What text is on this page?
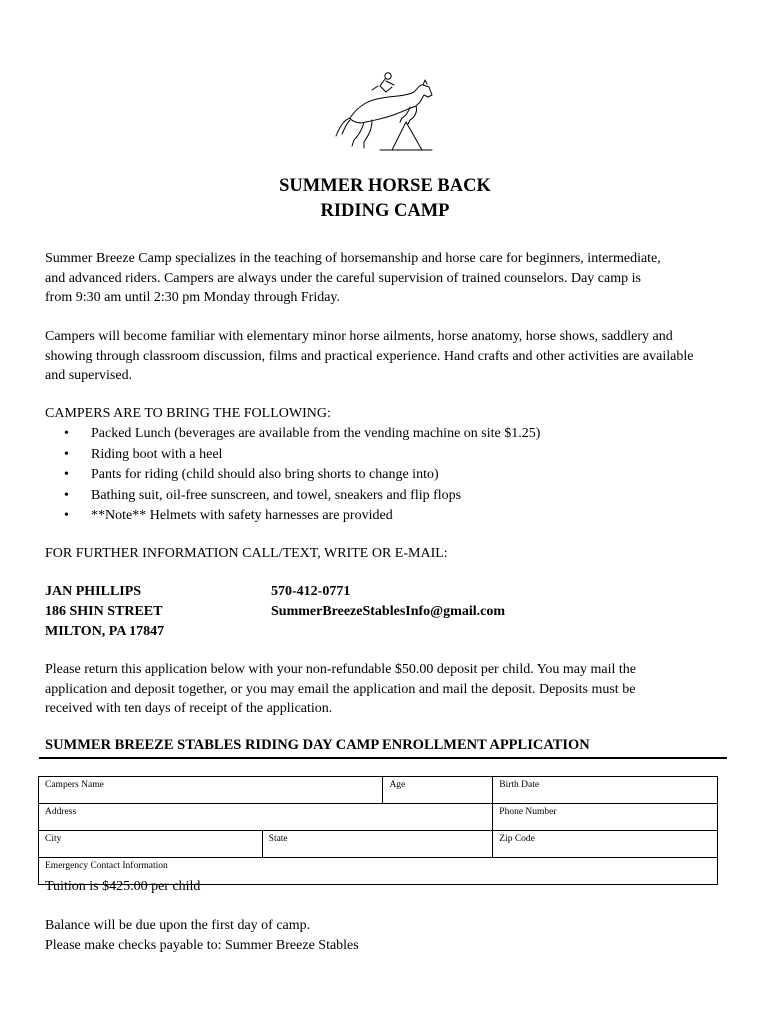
SUMMER HORSE BACK
RIDING CAMP
Summer Breeze Camp specializes in the teaching of horsemanship and horse care for beginners, intermediate,
and advanced riders. Campers are always under the careful supervision of trained counselors. Day camp is
from 9:30 am until 2:30 pm Monday through Friday.
Campers will become familiar with elementary minor horse ailments, horse anatomy, horse shows, saddlery and
showing through classroom discussion, films and practical experience. Hand crafts and other activities are available
and supervised.
CAMPERS ARE TO BRING THE FOLLOWING:
• Packed Lunch (beverages are available from the vending machine on site $1.25)
• Riding boot with a heel
• Pants for riding (child should also bring shorts to change into)
• Bathing suit, oil-free sunscreen, and towel, sneakers and flip flops
• **Note** Helmets with safety harnesses are provided
FOR FURTHER INFORMATION CALL/TEXT, WRITE OR E-MAIL:
JAN PHILLIPS
186 SHIN STREET
MILTON, PA 17847
570-412-0771
SummerBreezeStablesInfo@gmail.com
Please return this application below with your non-refundable $50.00 deposit per child. You may mail the
application and deposit together, or you may email the application and mail the deposit. Deposits must be
received with ten days of receipt of the application.
SUMMER BREEZE STABLES RIDING DAY CAMP ENROLLMENT APPLICATION
Campers Name		Age	Birth Date
Address			Phone Number
City	State		Zip Code
Emergency Contact Information			
Tuition is $425.00 per child
Balance will be due upon the first day of camp.
Please make checks payable to: Summer Breeze Stables
